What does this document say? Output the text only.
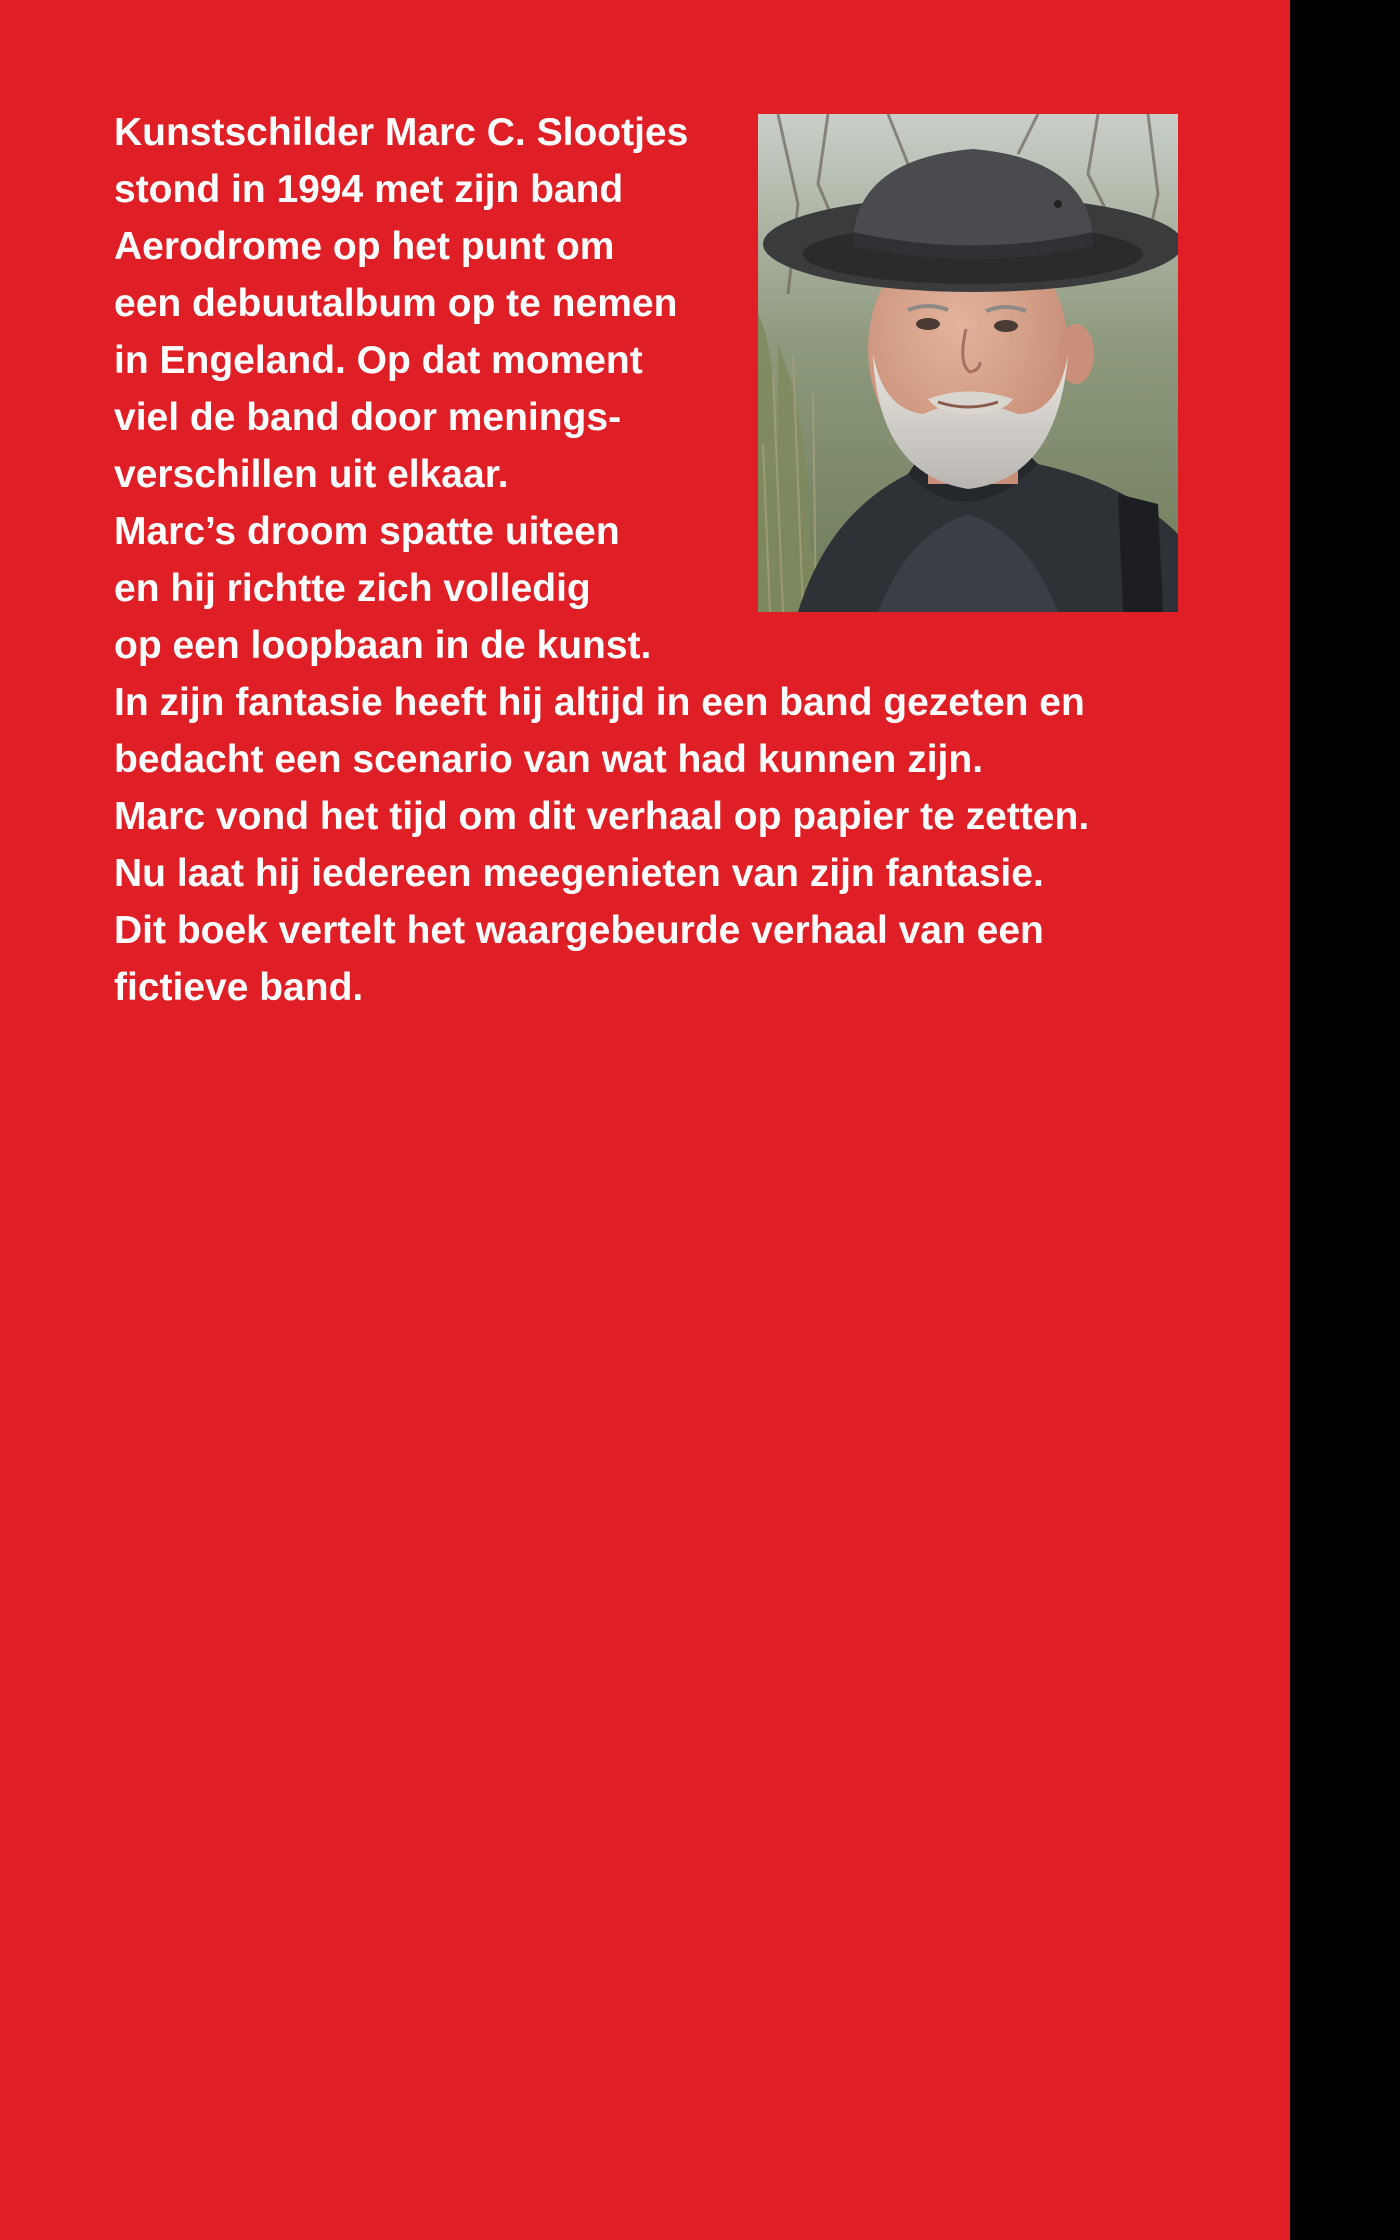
Kunstschilder Marc C. Slootjes
stond in 1994 met zijn band
Aerodrome op het punt om
een debuutalbum op te nemen
in Engeland. Op dat moment
viel de band door menings-
verschillen uit elkaar.
Marc’s droom spatte uiteen
en hij richtte zich volledig
op een loopbaan in de kunst.
In zijn fantasie heeft hij altijd in een band gezeten en
bedacht een scenario van wat had kunnen zijn.
Marc vond het tijd om dit verhaal op papier te zetten.
Nu laat hij iedereen meegenieten van zijn fantasie.
Dit boek vertelt het waargebeurde verhaal van een
fictieve band.
